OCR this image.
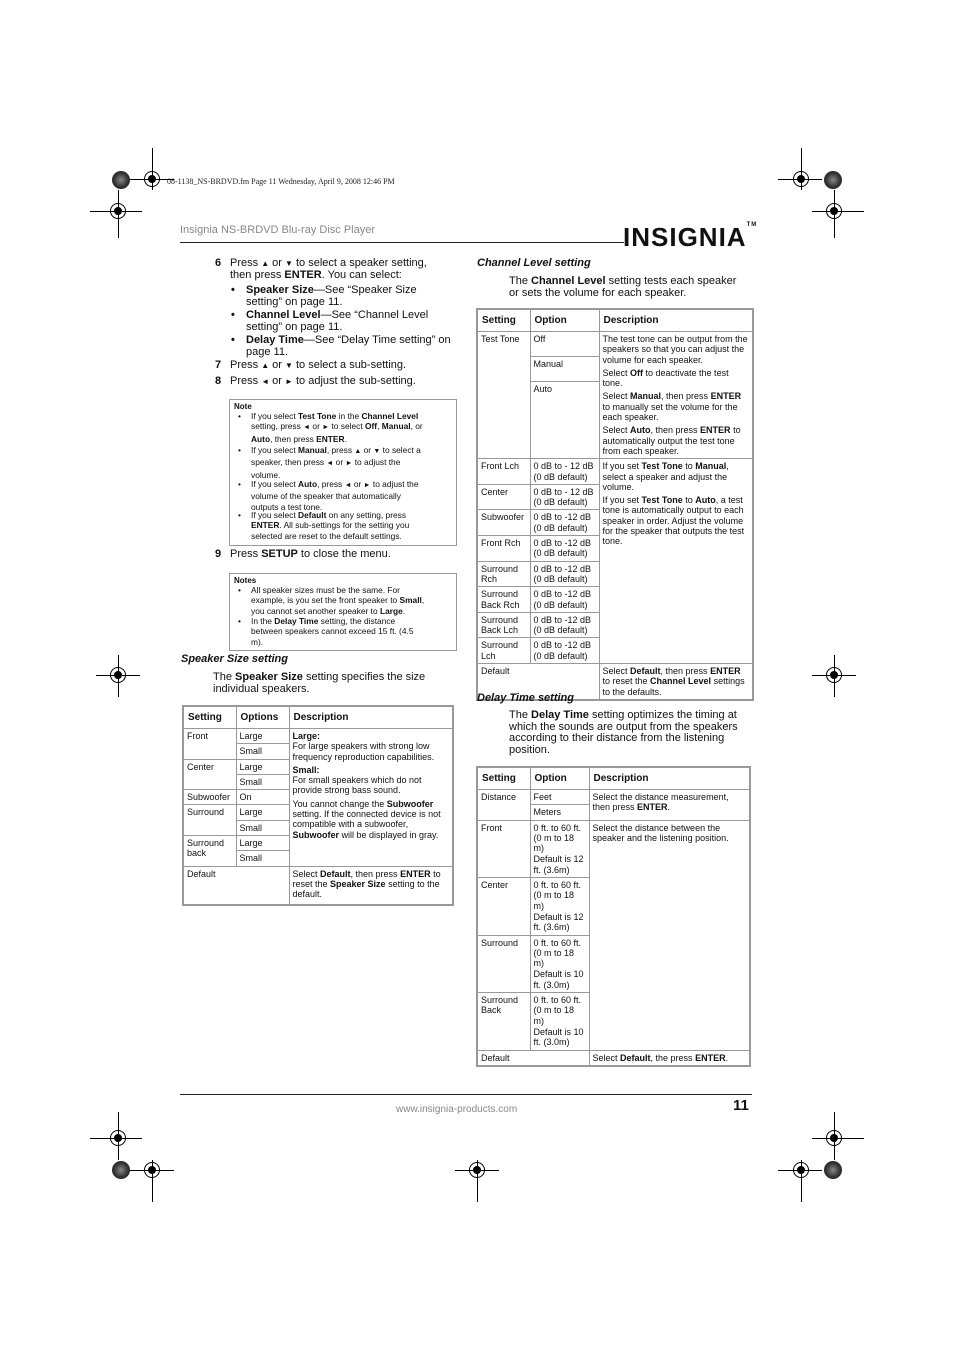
08-1138_NS-BRDVD.fm Page 11 Wednesday, April 9, 2008 12:46 PM
Insignia NS-BRDVD Blu-ray Disc Player	INSIGNIA™
www.insignia-products.com	11
6 Press ▲ or ▼ to select a speaker setting,
then press ENTER. You can select:
• Speaker Size—See “Speaker Size
setting” on page 11.
• Channel Level—See “Channel Level
setting” on page 11.
• Delay Time—See “Delay Time setting” on
page 11.
7 Press ▲ or ▼ to select a sub-setting.
8 Press ◄ or ► to adjust the sub-setting.
Note
• If you select Test Tone in the Channel Level
setting, press ◄ or ► to select Off, Manual, or
Auto, then press ENTER.
• If you select Manual, press ▲ or ▼ to select a
speaker, then press ◄ or ► to adjust the
volume.
• If you select Auto, press ◄ or ► to adjust the
volume of the speaker that automatically
outputs a test tone.
• If you select Default on any setting, press
ENTER. All sub-settings for the setting you
selected are reset to the default settings.
9 Press SETUP to close the menu.
Notes
• All speaker sizes must be the same. For
example, is you set the front speaker to Small,
you cannot set another speaker to Large.
• In the Delay Time setting, the distance
between speakers cannot exceed 15 ft. (4.5
m).
Speaker Size setting
The Speaker Size setting specifies the size
individual speakers.
Setting	Options	Description
Front	Large	Large:
For large speakers with strong low frequency reproduction capabilities.

Small:
For small speakers which do not provide strong bass sound.

You cannot change the Subwoofer setting. If the connected device is not compatible with a subwoofer, Subwoofer will be displayed in gray.

	Small	
Center	Large	
	Small	
Subwoofer	On	
Surround	Large	
	Small	
Surround back	Large	
	Small	
Default		Select Default, then press ENTER to reset the Speaker Size setting to the default.
Channel Level setting
The Channel Level setting tests each speaker
or sets the volume for each speaker.
Setting	Option	Description
Test Tone	Off	The test tone can be output from the speakers so that you can adjust the volume for each speaker.

Select Off to deactivate the test tone.

Select Manual, then press ENTER to manually set the volume for the each speaker.

Select Auto, then press ENTER to automatically output the test tone from each speaker.

	Manual	
	Auto	
Front Lch	0 dB to - 12 dB (0 dB default)	If you set Test Tone to Manual, select a speaker and adjust the volume.

If you set Test Tone to Auto, a test tone is automatically output to each speaker in order. Adjust the volume for the speaker that outputs the test tone.

Center	0 dB to - 12 dB (0 dB default)	
Subwoofer	0 dB to -12 dB (0 dB default)	
Front Rch	0 dB to -12 dB (0 dB default)	
Surround Rch	0 dB to -12 dB (0 dB default)	
Surround Back Rch	0 dB to -12 dB (0 dB default)	
Surround Back Lch	0 dB to -12 dB (0 dB default)	
Surround Lch	0 dB to -12 dB (0 dB default)	
Default		Select Default, then press ENTER to reset the Channel Level settings to the defaults.
Delay Time setting
The Delay Time setting optimizes the timing at
which the sounds are output from the speakers
according to their distance from the listening
position.
Setting	Option	Description
Distance	Feet	Select the distance measurement, then press ENTER.
	Meters	
Front	0 ft. to 60 ft. (0 m to 18 m)

Default is 12 ft. (3.6m)	Select the distance between the speaker and the listening position.
Center	0 ft. to 60 ft. (0 m to 18 m)

Default is 12 ft. (3.6m)	

Surround	0 ft. to 60 ft. (0 m to 18 m)

Default is 10 ft. (3.0m)	

Surround Back	0 ft. to 60 ft. (0 m to 18 m)

Default is 10 ft. (3.0m)	

Default		Select Default, the press ENTER.
